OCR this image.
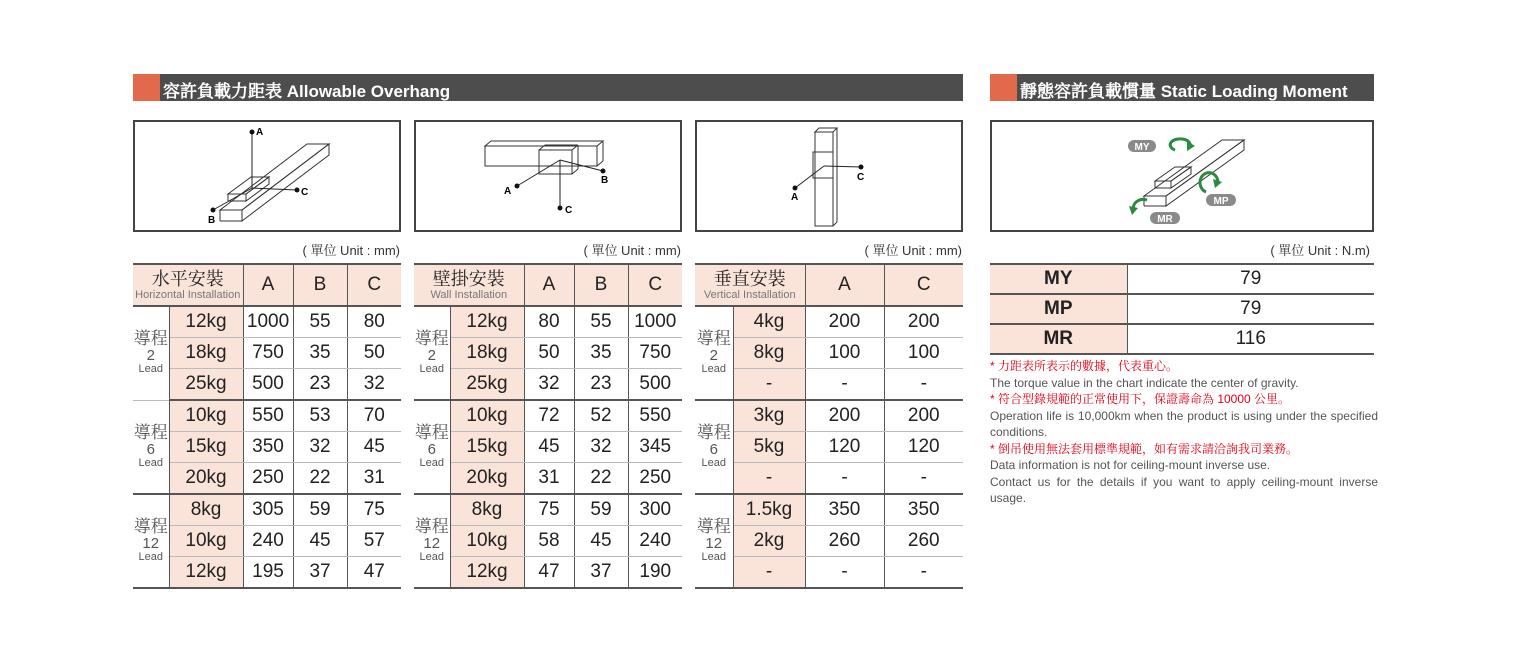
容許負載力距表 Allowable Overhang	靜態容許負載慣量 Static Loading Moment
A
C
B
A
C
B
A
C
MY
MP
MR
( 單位 Unit : mm)	( 單位 Unit : mm)	( 單位 Unit : mm)	( 單位 Unit : N.m)
水平安裝
Horizontal Installation		A	B	C

導程
2
Lead	12kg	1000	55	80
	18kg	750	35	50
	25kg	500	23	32

導程
6
Lead	10kg	550	53	70
	15kg	350	32	45
	20kg	250	22	31

導程
12
Lead	8kg	305	59	75
	10kg	240	45	57
	12kg	195	37	47
壁掛安裝
Wall Installation		A	B	C

導程
2
Lead	12kg	80	55	1000
	18kg	50	35	750
	25kg	32	23	500

導程
6
Lead	10kg	72	52	550
	15kg	45	32	345
	20kg	31	22	250

導程
12
Lead	8kg	75	59	300
	10kg	58	45	240
	12kg	47	37	190
垂直安裝
Vertical Installation		A	C

導程
2
Lead	4kg	200	200
	8kg	100	100
	-	-	-

導程
6
Lead	3kg	200	200
	5kg	120	120
	-	-	-

導程
12
Lead	1.5kg	350	350
	2kg	260	260
	-	-	-
MY	79
MP	79
MR	116

* 力距表所表示的數據，代表重心。

The torque value in the chart indicate the center of gravity.

* 符合型錄規範的正常使用下，保證壽命為 10000 公里。

Operation life is 10,000km when the product is using under the specified conditions.

* 倒吊使用無法套用標準規範，如有需求請洽詢我司業務。

Data information is not for ceiling-mount inverse use.

Contact us for the details if you want to apply ceiling-mount inverse usage.
